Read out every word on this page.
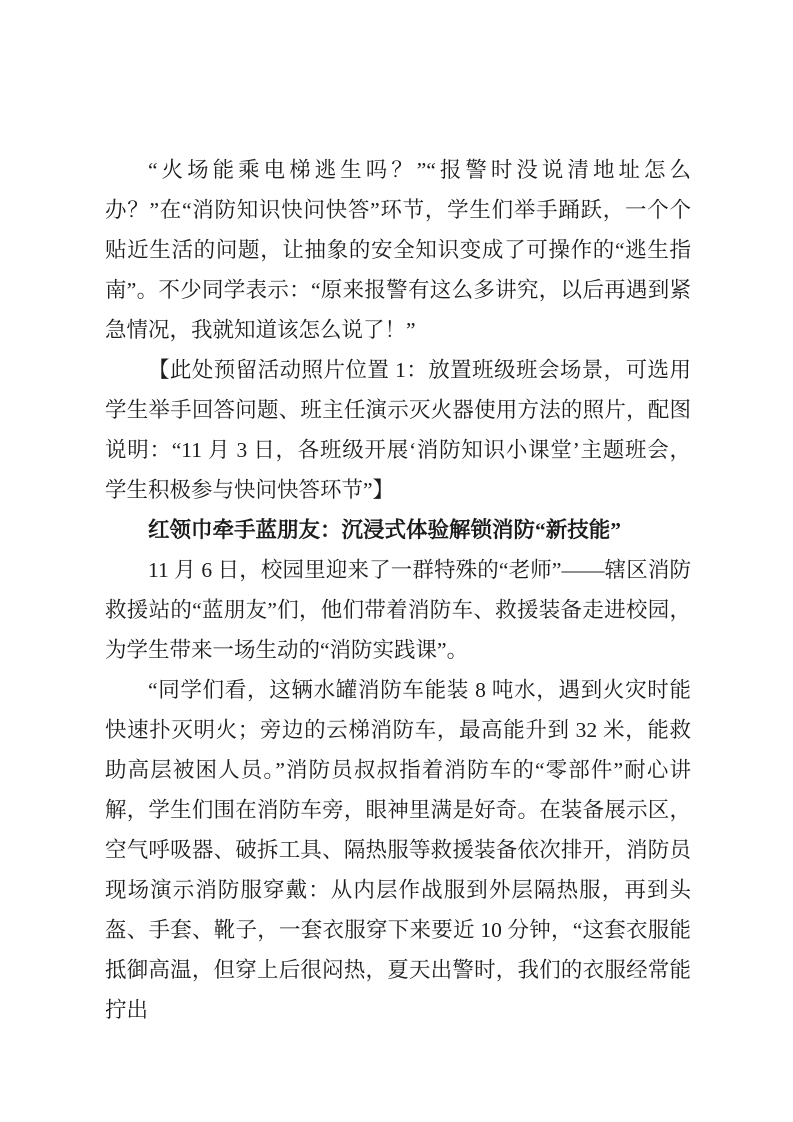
“火场能乘电梯逃生吗？”“报警时没说清地址怎么办？”在“消防知识快问快答”环节，学生们举手踊跃，一个个贴近生活的问题，让抽象的安全知识变成了可操作的“逃生指南”。不少同学表示：“原来报警有这么多讲究，以后再遇到紧急情况，我就知道该怎么说了！”

【此处预留活动照片位置 1：放置班级班会场景，可选用学生举手回答问题、班主任演示灭火器使用方法的照片，配图说明：“11 月 3 日，各班级开展‘消防知识小课堂’主题班会，学生积极参与快问快答环节”】

红领巾牵手蓝朋友：沉浸式体验解锁消防“新技能”

11 月 6 日，校园里迎来了一群特殊的“老师”——辖区消防救援站的“蓝朋友”们，他们带着消防车、救援装备走进校园，为学生带来一场生动的“消防实践课”。

“同学们看，这辆水罐消防车能装 8 吨水，遇到火灾时能快速扑灭明火；旁边的云梯消防车，最高能升到 32 米，能救助高层被困人员。”消防员叔叔指着消防车的“零部件”耐心讲解，学生们围在消防车旁，眼神里满是好奇。在装备展示区，空气呼吸器、破拆工具、隔热服等救援装备依次排开，消防员现场演示消防服穿戴：从内层作战服到外层隔热服，再到头盔、手套、靴子，一套衣服穿下来要近 10 分钟，“这套衣服能抵御高温，但穿上后很闷热，夏天出警时，我们的衣服经常能拧出
